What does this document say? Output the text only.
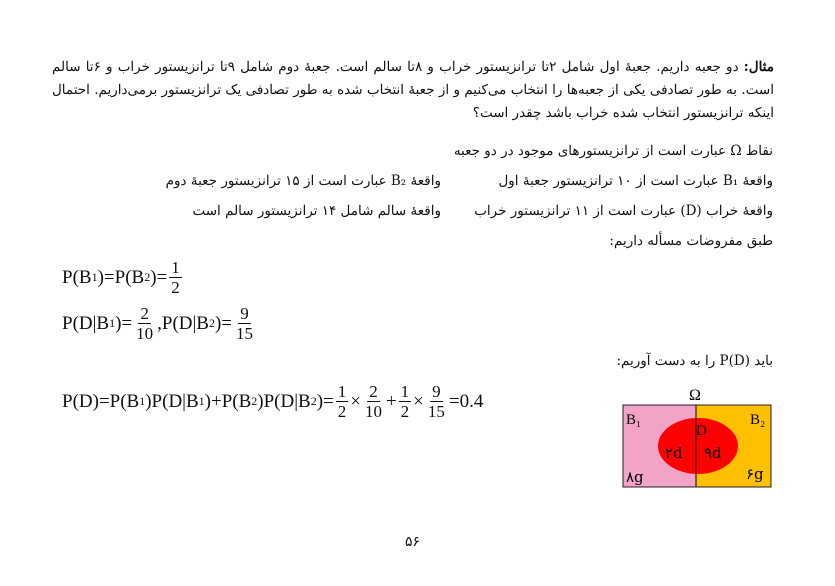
مثال: دو جعبه داریم. جعبهٔ اول شامل ۲تا ترانزیستور خراب و ۸تا سالم است. جعبهٔ دوم شامل ۹تا ترانزیستور خراب و ۶تا سالم است. به طور تصادفی یکی از جعبه‌ها را انتخاب می‌کنیم و از جعبهٔ انتخاب شده به طور تصادفی یک ترانزیستور برمی‌داریم. احتمال اینکه ترانزیستور انتخاب شده خراب باشد چقدر است؟
نقاط Ω عبارت است از ترانزیستورهای موجود در دو جعبه
واقعهٔ B₁ عبارت است از ۱۰ ترانزیستور جعبهٔ اول
واقعهٔ B₂ عبارت است از ۱۵ ترانزیستور جعبهٔ دوم
واقعهٔ خراب (D) عبارت است از ۱۱ ترانزیستور خراب
واقعهٔ سالم شامل ۱۴ ترانزیستور سالم است
طبق مفروضات مسأله داریم:
P(B 1 )=P(B 2 )= $\frac{1}{2}$
P(D|B 1 )= $\frac{2}{10} ,P(D|B$ 2 )= $\frac{9}{15}$
باید P(D) را به دست آوریم:
P(D)=P(B 1 )P(D|B 1 )+P(B 2 )P(D|B 2 )= $\frac{1}{2} \times \frac{2}{10} + \frac{1}{2} \times \frac{9}{15} = 0.4$	Ω
B₁	B₂
D
۲d ۹d
۸g	۶g
۵۶
